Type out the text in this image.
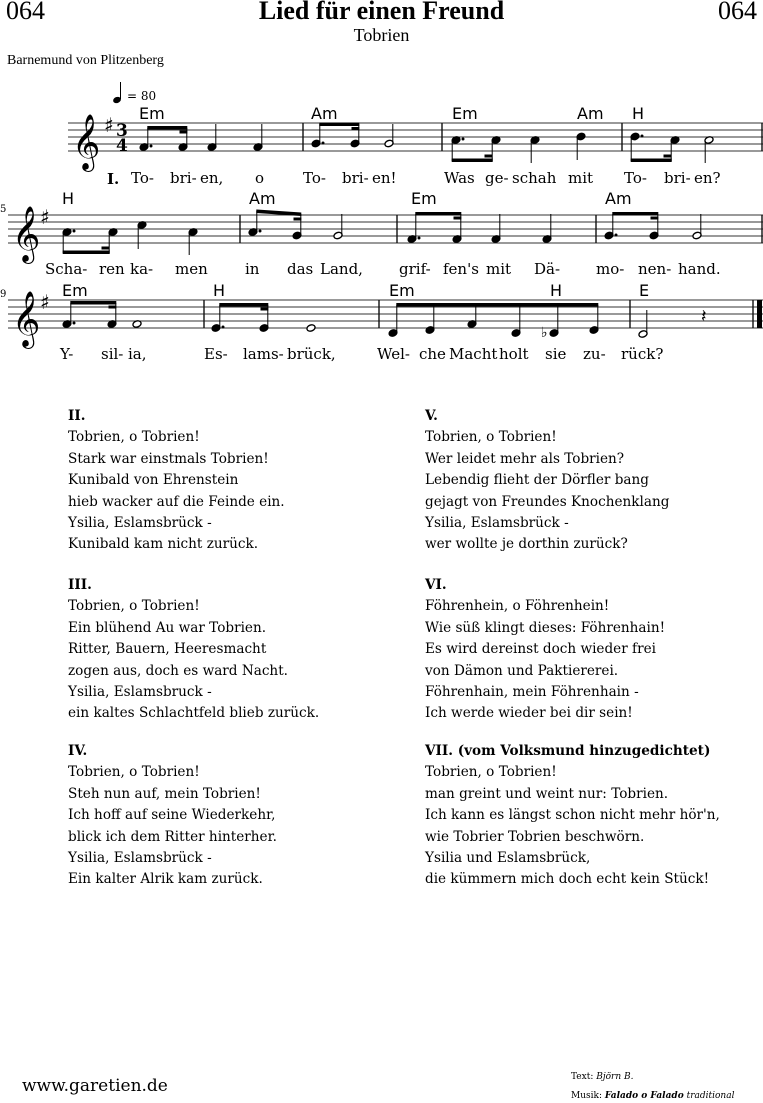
064	Lied für einen Freund	064
Tobrien
Barnemund von Plitzenberg
𝄞
𝄞
𝄞
♯
♯
♯
3
4
5
9
♭
𝄽
= 80
Em	Am	Em	Am H
I. To- bri- en, o	To- bri- en!	Was ge- schah mit To- bri- en?
H	Am	Em	Am
Scha- ren ka- men in das Land, grif- fen's mit Dä- mo- nen- hand.
Em	H	Em	H	E
Y- sil- ia,	Es- lams- brück,	Wel- che Macht holt sie zu- rück?
II.
Tobrien, o Tobrien!
Stark war einstmals Tobrien!
Kunibald von Ehrenstein
hieb wacker auf die Feinde ein.
Ysilia, Eslamsbrück -
Kunibald kam nicht zurück.
III.
Tobrien, o Tobrien!
Ein blühend Au war Tobrien.
Ritter, Bauern, Heeresmacht
zogen aus, doch es ward Nacht.
Ysilia, Eslamsbruck -
ein kaltes Schlachtfeld blieb zurück.
IV.
Tobrien, o Tobrien!
Steh nun auf, mein Tobrien!
Ich hoff auf seine Wiederkehr,
blick ich dem Ritter hinterher.
Ysilia, Eslamsbrück -
Ein kalter Alrik kam zurück.
V.
Tobrien, o Tobrien!
Wer leidet mehr als Tobrien?
Lebendig flieht der Dörfler bang
gejagt von Freundes Knochenklang
Ysilia, Eslamsbrück -
wer wollte je dorthin zurück?
VI.
Föhrenhein, o Föhrenhein!
Wie süß klingt dieses: Föhrenhain!
Es wird dereinst doch wieder frei
von Dämon und Paktiererei.
Föhrenhain, mein Föhrenhain -
Ich werde wieder bei dir sein!
VII. (vom Volksmund hinzugedichtet)
Tobrien, o Tobrien!
man greint und weint nur: Tobrien.
Ich kann es längst schon nicht mehr hör'n,
wie Tobrier Tobrien beschwörn.
Ysilia und Eslamsbrück,
die kümmern mich doch echt kein Stück!
www.garetien.de	Text: Björn B.
Musik: Falado o Falado traditional
